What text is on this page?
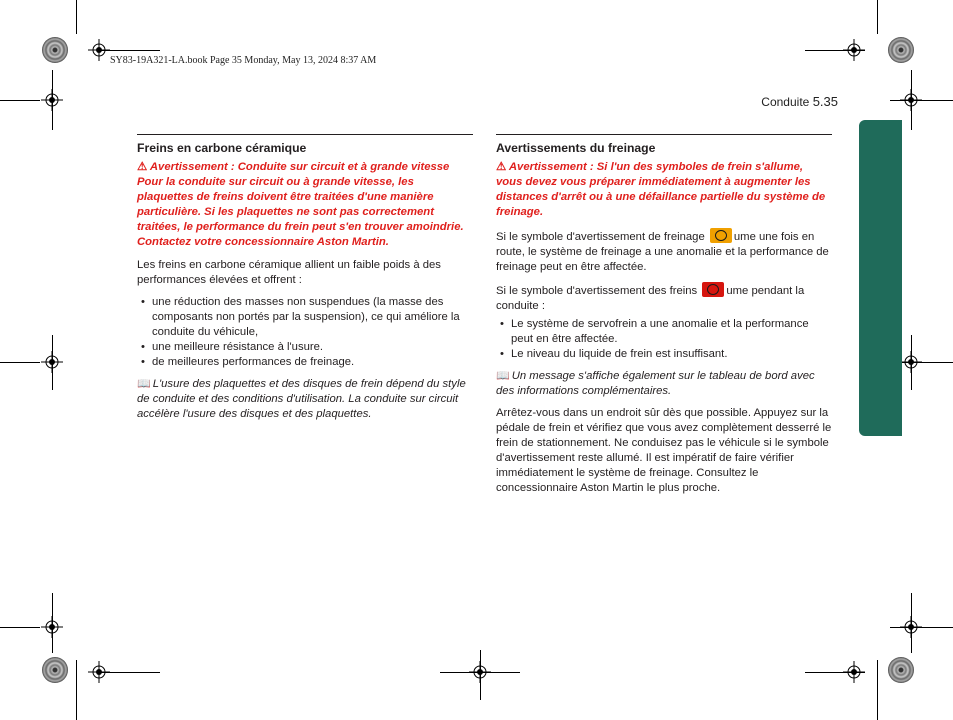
SY83-19A321-LA.book Page 35 Monday, May 13, 2024 8:37 AM
Conduite 5.35
Freins en carbone céramique
⚠ Avertissement : Conduite sur circuit et à grande vitesse Pour la conduite sur circuit ou à grande vitesse, les plaquettes de freins doivent être traitées d'une manière particulière. Si les plaquettes ne sont pas correctement traitées, le performance du frein peut s'en trouver amoindrie. Contactez votre concessionnaire Aston Martin.

Les freins en carbone céramique allient un faible poids à des performances élevées et offrent :

• une réduction des masses non suspendues (la masse des composants non portés par la suspension), ce qui améliore la conduite du véhicule,
• une meilleure résistance à l'usure.
• de meilleures performances de freinage.
📖 L'usure des plaquettes et des disques de frein dépend du style de conduite et des conditions d'utilisation. La conduite sur circuit accélère l'usure des disques et des plaquettes.
Avertissements du freinage
⚠ Avertissement : Si l'un des symboles de frein s'allume, vous devez vous préparer immédiatement à augmenter les distances d'arrêt ou à une défaillance partielle du système de freinage.

Si le symbole d'avertissement de freinage	ume une fois en route, le système de freinage a une anomalie et la performance de freinage peut en être affectée.

Si le symbole d'avertissement des freins	ume pendant la conduite :

• Le système de servofrein a une anomalie et la performance peut en être affectée.
• Le niveau du liquide de frein est insuffisant.

📖 Un message s'affiche également sur le tableau de bord avec des informations complémentaires.

Arrêtez-vous dans un endroit sûr dès que possible. Appuyez sur la pédale de frein et vérifiez que vous avez complètement desserré le frein de stationnement. Ne conduisez pas le véhicule si le symbole d'avertissement reste allumé. Il est impératif de faire vérifier immédiatement le système de freinage. Consultez le concessionnaire Aston Martin le plus proche.
